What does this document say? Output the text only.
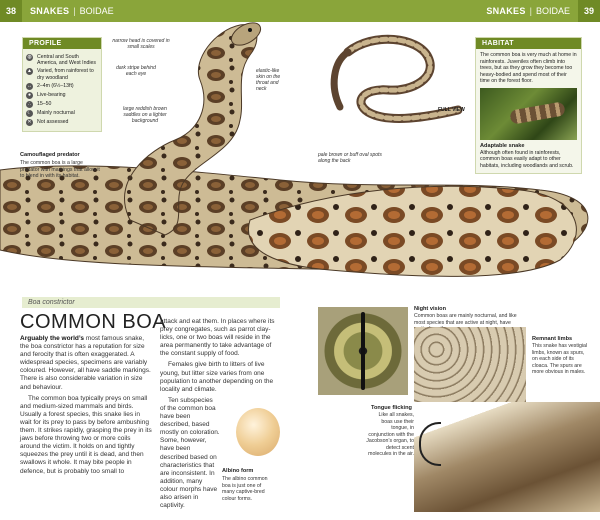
38	SNAKES | BOIDAE	SNAKES | BOIDAE	39
FULL VIEW
PROFILE
◍ Central and South America, and West Indies
▲ Varied, from rainforest to dry woodland
↔ 2–4m (6½–13ft)
●	Live-bearing
∴	15–50
☾ Mainly nocturnal
✕ Not assessed
narrow head is covered in small scales
dark stripe behind each eye
large reddish brown saddles on a lighter background
elastic-like skin on the throat and neck
pale brown or buff oval spots along the back
Camouflaged predator
The common boa is a large predator with markings that allow it to blend in with its habitat.
HABITAT

The common boa is very much at home in rainforests. Juveniles often climb into trees, but as they grow they become too heavy-bodied and spend most of their time on the forest floor.

Adaptable snake
Although often found in rainforests, common boas easily adapt to other habitats, including woodlands and scrub.
Boa constrictor
COMMON BOA

Arguably the world’s most famous snake, the boa constrictor has a reputation for size and ferocity that is often exaggerated. A widespread species, specimens are variably coloured. However, all have saddle markings. There is also considerable variation in size and behaviour.

The common boa typically preys on small and medium-sized mammals and birds. Usually a forest species, this snake lies in wait for its prey to pass by before ambushing them. It strikes rapidly, grasping the prey in its jaws before throwing two or more coils around the victim. It holds on and tightly squeezes the prey until it is dead, and then swallows it whole. It may bite people in defence, but is probably too small to

attack and eat them. In places where its prey congregates, such as parrot clay-licks, one or two boas will reside in the area permanently to take advantage of the constant supply of food.

Females give birth to litters of live young, but litter size varies from one population to another depending on the locality and climate.

Ten subspecies of the common boa have been described, based mostly on coloration. Some, however, have been described based on characteristics that are inconsistent. In addition, many colour morphs have also arisen in captivity.

Albino form
The albino common boa is just one of many captive-bred colour forms.
Night vision
Common boas are mainly nocturnal, and like most species that are active at night, have
Remnant limbs
This snake has vestigial limbs, known as spurs, on each side of its cloaca. The spurs are more obvious in males.
Tongue flicking
Like all snakes, boas use their tongue, in conjunction with the Jacobson’s organ, to detect scent molecules in the air.
